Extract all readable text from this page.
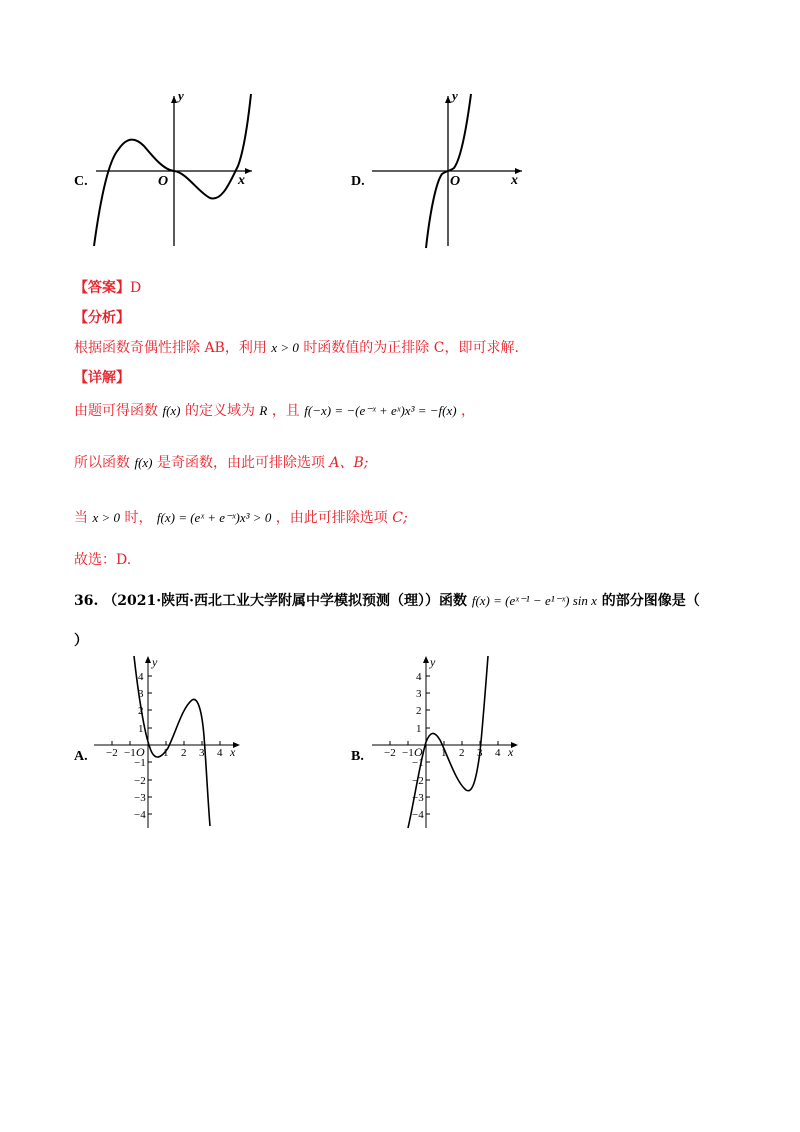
C.
y
O	x	D.
y
O	x
【答案】D
【分析】
根据函数奇偶性排除 AB，利用 x > 0 时函数值的为正排除 C，即可求解.
【详解】
由题可得函数 f(x) 的定义域为 R ，且 f(−x) = −(e⁻ˣ + eˣ)x³ = −f(x) ，
所以函数 f(x) 是奇函数，由此可排除选项 A、B;
当 x > 0 时， f(x) = (eˣ + e⁻ˣ)x³ > 0 ，由此可排除选项 C;
故选：D.
36. （2021·陕西·西北工业大学附属中学模拟预测（理））函数 f(x) = (eˣ⁻¹ − e¹⁻ˣ) sin x 的部分图像是（
）
A.
y
x
O
−2 −1 1 2 3 4
4
3
2
1
−1
−2
−3
−4
B.
y
x
O
−2 −1 1 2 3 4
4
3
2
1
−1
−2
−3
−4
